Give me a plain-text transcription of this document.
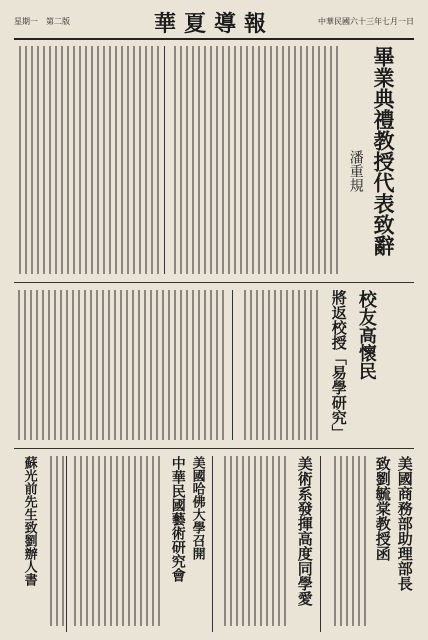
星期一　第二版	華夏導報	中華民國六十三年七月一日
畢業典禮教授代表致辭
潘重規
校友高懷民
將返校授「易學研究」
美國商務部助理部長
致劉毓棠教授函
美術系發揮高度同學愛
美國哈佛大學召開
中華民國藝術研究會
蘇光前先生致劉辦人書
